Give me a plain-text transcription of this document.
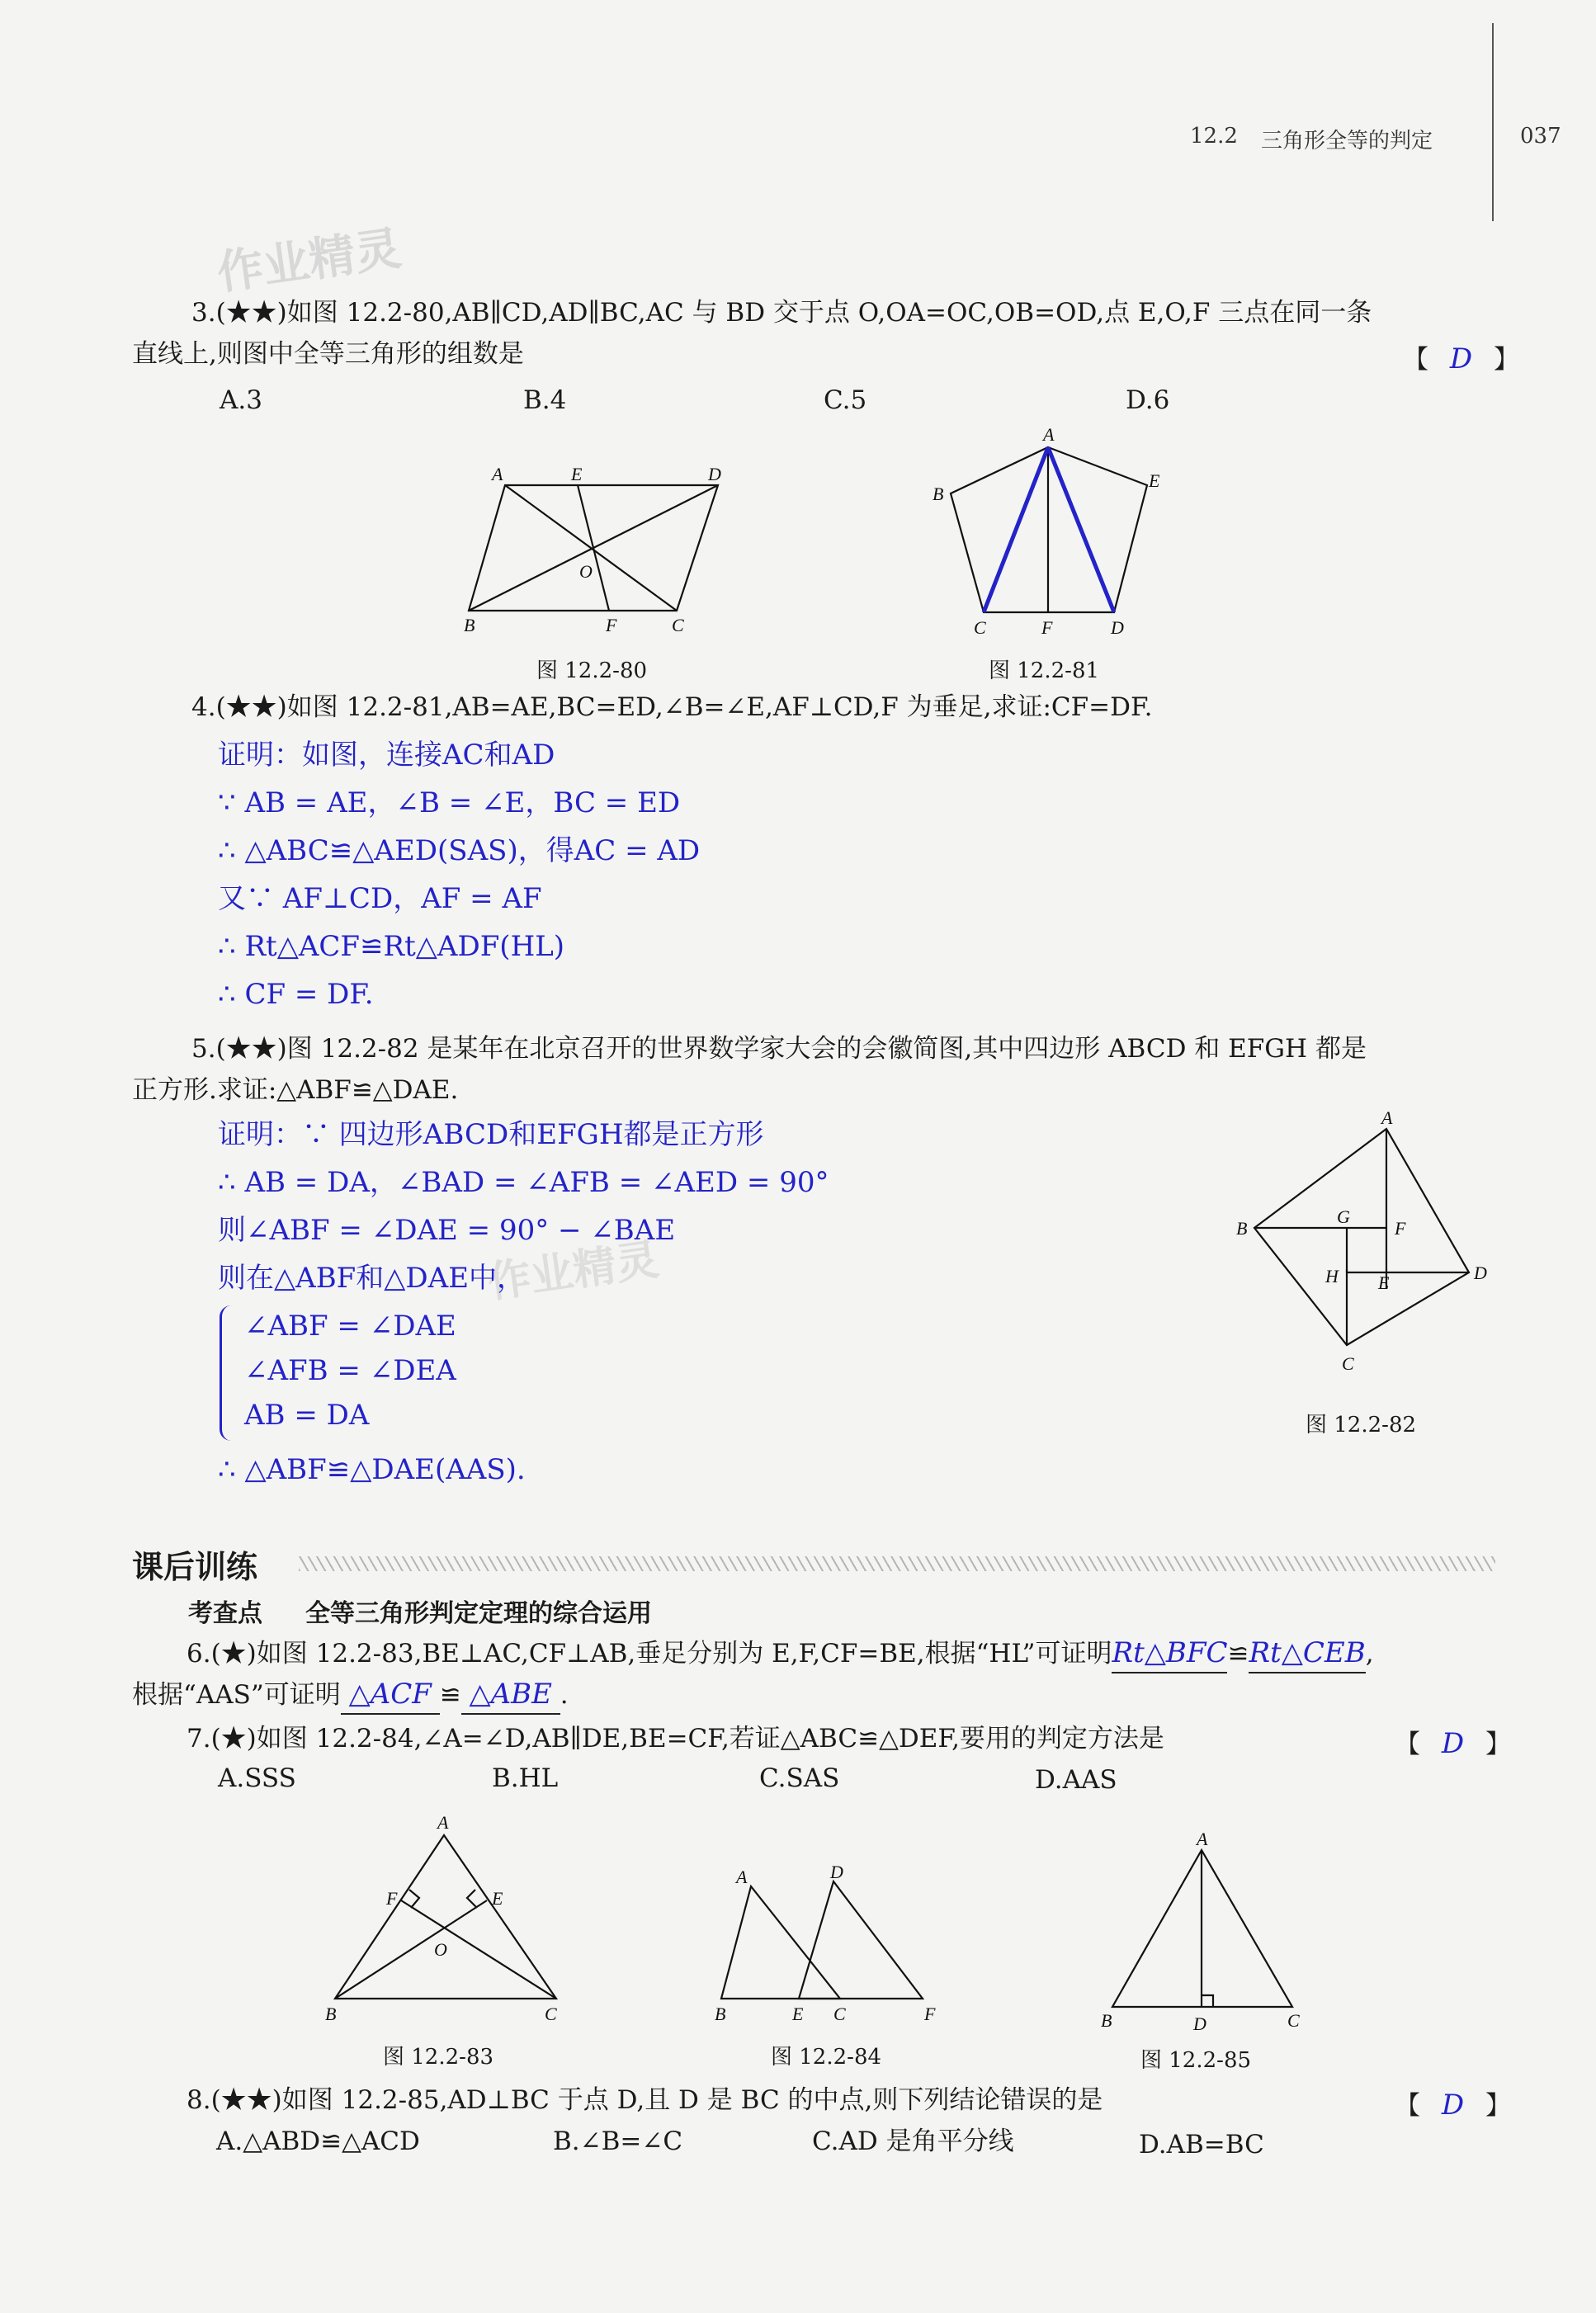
12.2 三角形全等的判定	037
作业精灵
作业精灵
3.(★★)如图 12.2-80,AB∥CD,AD∥BC,AC 与 BD 交于点 O,OA=OC,OB=OD,点 E,O,F 三点在同一条
直线上,则图中全等三角形的组数是	【 D 】
A.3	B.4	C.5	D.6
A	E	D
O
B	F	C
图 12.2-80
A
B
E
C	F	D
图 12.2-81
4.(★★)如图 12.2-81,AB=AE,BC=ED,∠B=∠E,AF⊥CD,F 为垂足,求证:CF=DF.
证明：如图，连接AC和AD
∵ AB = AE，∠B = ∠E，BC = ED
∴ △ABC≌△AED(SAS)，得AC = AD
又∵ AF⊥CD，AF = AF
∴ Rt△ACF≌Rt△ADF(HL)
∴ CF = DF.
5.(★★)图 12.2-82 是某年在北京召开的世界数学家大会的会徽简图,其中四边形 ABCD 和 EFGH 都是
正方形.求证:△ABF≌△DAE.
证明：∵ 四边形ABCD和EFGH都是正方形
∴ AB = DA，∠BAD = ∠AFB = ∠AED = 90°
则∠ABF = ∠DAE = 90° − ∠BAE
则在△ABF和△DAE中，
∠ABF = ∠DAE
∠AFB = ∠DEA
AB = DA
∴ △ABF≌△DAE(AAS).
A
B
C
D
E
F
G
H
图 12.2-82
课后训练
考查点 全等三角形判定定理的综合运用
6.(★)如图 12.2-83,BE⊥AC,CF⊥AB,垂足分别为 E,F,CF=BE,根据“HL”可证明Rt△BFC≌Rt△CEB,
根据“AAS”可证明 △ACF ≌ △ABE .
7.(★)如图 12.2-84,∠A=∠D,AB∥DE,BE=CF,若证△ABC≌△DEF,要用的判定方法是	【 D 】
A.SSS	B.HL	C.SAS	D.AAS
A
F	E
O
B	C
图 12.2-83
A	D
B	E C	F
图 12.2-84
A
B	D	C
图 12.2-85
8.(★★)如图 12.2-85,AD⊥BC 于点 D,且 D 是 BC 的中点,则下列结论错误的是	【 D 】
A.△ABD≌△ACD	B.∠B=∠C	C.AD 是角平分线	D.AB=BC
